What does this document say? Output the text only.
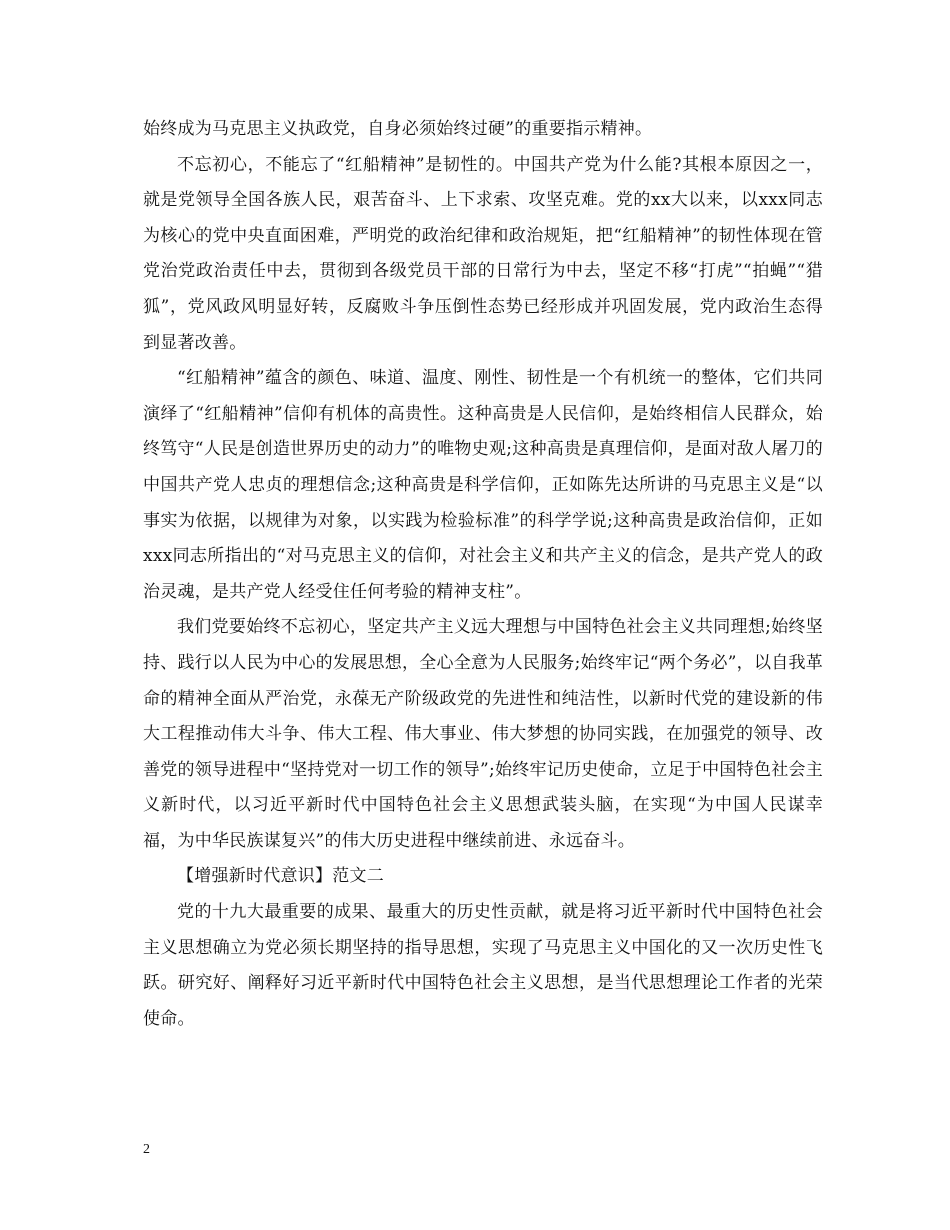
始终成为马克思主义执政党，自身必须始终过硬”的重要指示精神。

不忘初心，不能忘了“红船精神”是韧性的。中国共产党为什么能?其根本原因之一，就是党领导全国各族人民，艰苦奋斗、上下求索、攻坚克难。党的xx大以来，以xxx同志为核心的党中央直面困难，严明党的政治纪律和政治规矩，把“红船精神”的韧性体现在管党治党政治责任中去，贯彻到各级党员干部的日常行为中去，坚定不移“打虎”“拍蝇”“猎狐”，党风政风明显好转，反腐败斗争压倒性态势已经形成并巩固发展，党内政治生态得到显著改善。

“红船精神”蕴含的颜色、味道、温度、刚性、韧性是一个有机统一的整体，它们共同演绎了“红船精神”信仰有机体的高贵性。这种高贵是人民信仰，是始终相信人民群众，始终笃守“人民是创造世界历史的动力”的唯物史观;这种高贵是真理信仰，是面对敌人屠刀的中国共产党人忠贞的理想信念;这种高贵是科学信仰，正如陈先达所讲的马克思主义是“以事实为依据，以规律为对象，以实践为检验标准”的科学学说;这种高贵是政治信仰，正如xxx同志所指出的“对马克思主义的信仰，对社会主义和共产主义的信念，是共产党人的政治灵魂，是共产党人经受住任何考验的精神支柱”。

我们党要始终不忘初心，坚定共产主义远大理想与中国特色社会主义共同理想;始终坚持、践行以人民为中心的发展思想，全心全意为人民服务;始终牢记“两个务必”，以自我革命的精神全面从严治党，永葆无产阶级政党的先进性和纯洁性，以新时代党的建设新的伟大工程推动伟大斗争、伟大工程、伟大事业、伟大梦想的协同实践，在加强党的领导、改善党的领导进程中“坚持党对一切工作的领导”;始终牢记历史使命，立足于中国特色社会主义新时代，以习近平新时代中国特色社会主义思想武装头脑，在实现“为中国人民谋幸福，为中华民族谋复兴”的伟大历史进程中继续前进、永远奋斗。

【增强新时代意识】范文二

党的十九大最重要的成果、最重大的历史性贡献，就是将习近平新时代中国特色社会主义思想确立为党必须长期坚持的指导思想，实现了马克思主义中国化的又一次历史性飞跃。研究好、阐释好习近平新时代中国特色社会主义思想，是当代思想理论工作者的光荣使命。

2
